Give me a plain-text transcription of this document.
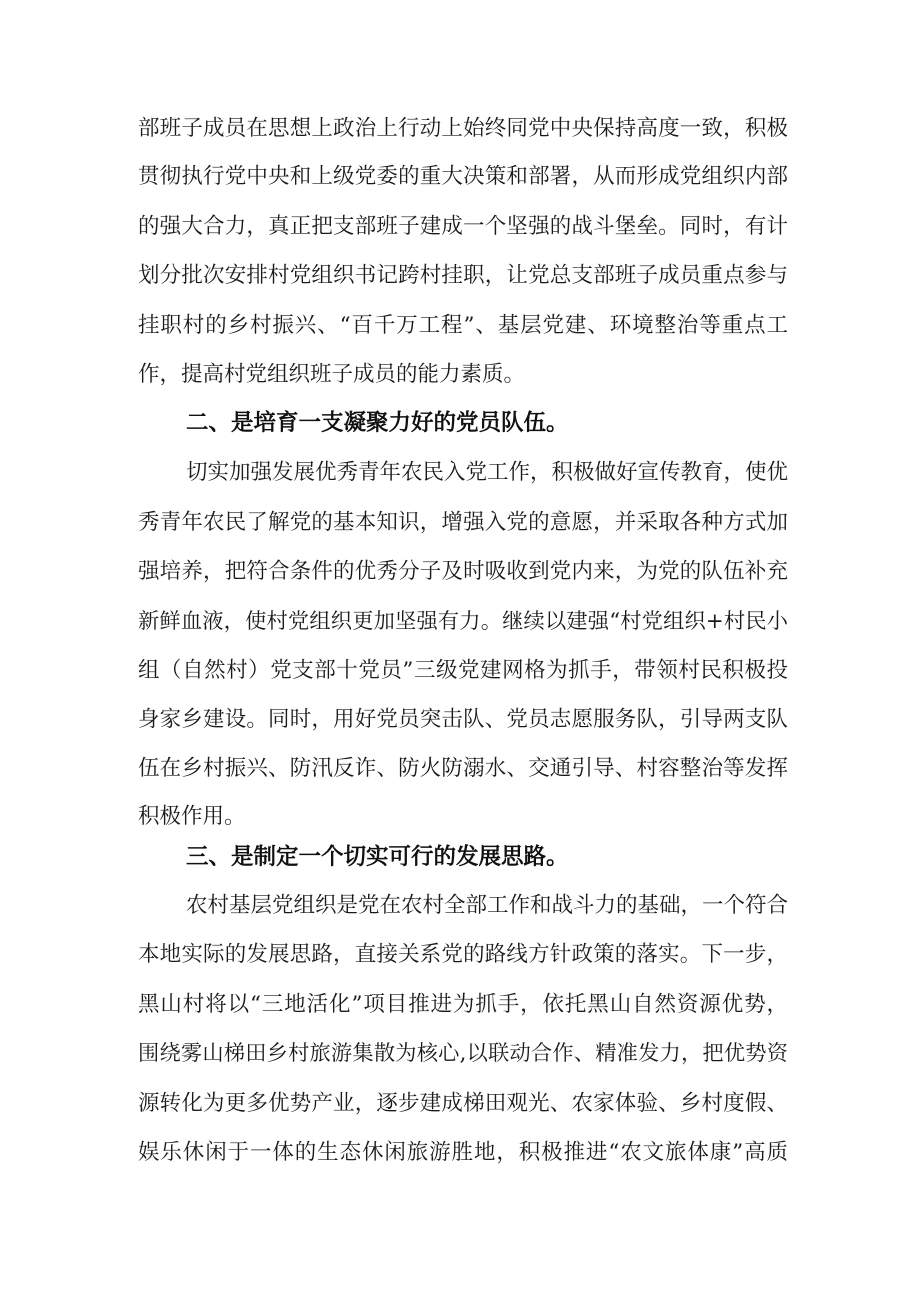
部班子成员在思想上政治上行动上始终同党中央保持高度一致，积极
贯彻执行党中央和上级党委的重大决策和部署，从而形成党组织内部
的强大合力，真正把支部班子建成一个坚强的战斗堡垒。同时，有计
划分批次安排村党组织书记跨村挂职，让党总支部班子成员重点参与
挂职村的乡村振兴、“百千万工程”、基层党建、环境整治等重点工
作，提高村党组织班子成员的能力素质。
二、是培育一支凝聚力好的党员队伍。
切实加强发展优秀青年农民入党工作，积极做好宣传教育，使优
秀青年农民了解党的基本知识，增强入党的意愿，并采取各种方式加
强培养，把符合条件的优秀分子及时吸收到党内来，为党的队伍补充
新鲜血液，使村党组织更加坚强有力。继续以建强“村党组织+村民小
组（自然村）党支部十党员”三级党建网格为抓手，带领村民积极投
身家乡建设。同时，用好党员突击队、党员志愿服务队，引导两支队
伍在乡村振兴、防汛反诈、防火防溺水、交通引导、村容整治等发挥
积极作用。
三、是制定一个切实可行的发展思路。
农村基层党组织是党在农村全部工作和战斗力的基础，一个符合
本地实际的发展思路，直接关系党的路线方针政策的落实。下一步，
黑山村将以“三地活化”项目推进为抓手，依托黑山自然资源优势，
围绕雾山梯田乡村旅游集散为核心,以联动合作、精准发力，把优势资
源转化为更多优势产业，逐步建成梯田观光、农家体验、乡村度假、
娱乐休闲于一体的生态休闲旅游胜地，积极推进“农文旅体康”高质
